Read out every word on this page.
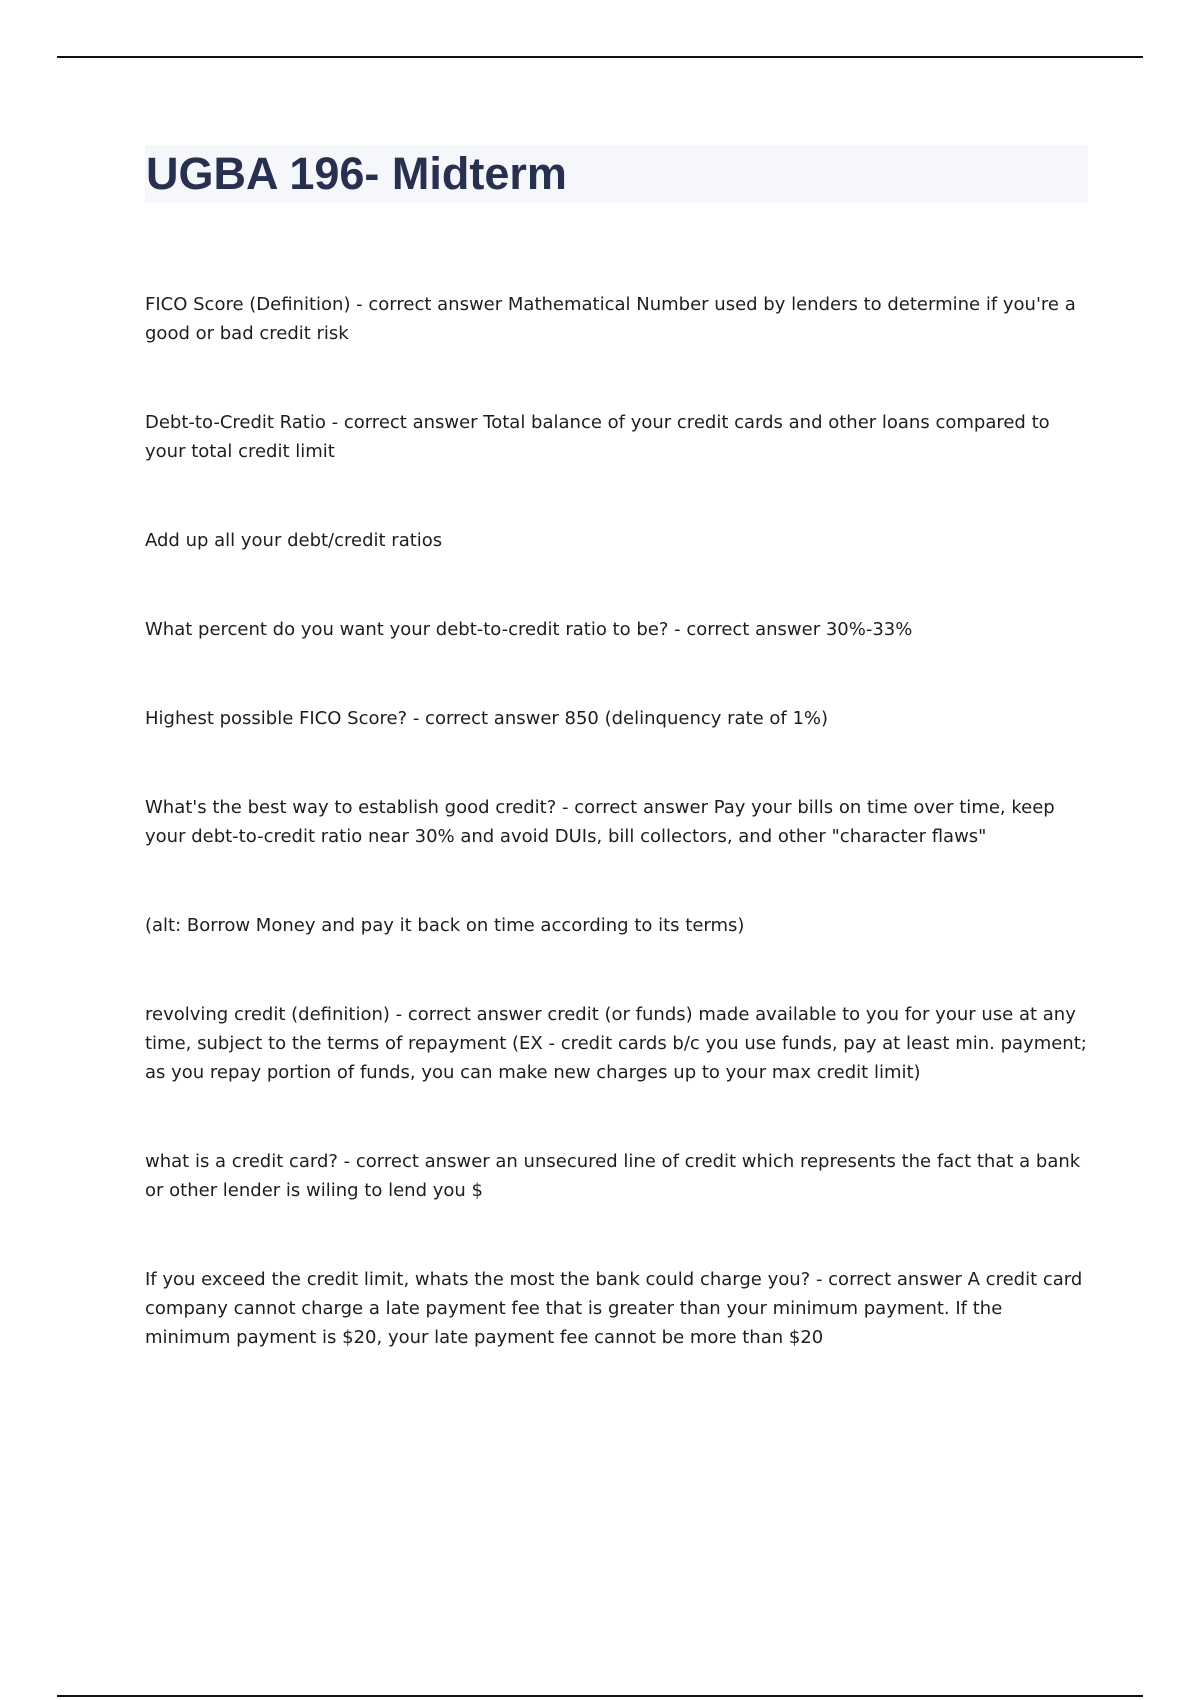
UGBA 196- Midterm

FICO Score (Definition) - correct answer Mathematical Number used by lenders to determine if you're a good or bad credit risk

Debt-to-Credit Ratio - correct answer Total balance of your credit cards and other loans compared to your total credit limit

Add up all your debt/credit ratios

What percent do you want your debt-to-credit ratio to be? - correct answer 30%-33%

Highest possible FICO Score? - correct answer 850 (delinquency rate of 1%)

What's the best way to establish good credit? - correct answer Pay your bills on time over time, keep your debt-to-credit ratio near 30% and avoid DUIs, bill collectors, and other "character flaws"

(alt: Borrow Money and pay it back on time according to its terms)

revolving credit (definition) - correct answer credit (or funds) made available to you for your use at any time, subject to the terms of repayment (EX - credit cards b/c you use funds, pay at least min. payment; as you repay portion of funds, you can make new charges up to your max credit limit)

what is a credit card? - correct answer an unsecured line of credit which represents the fact that a bank or other lender is wiling to lend you $

If you exceed the credit limit, whats the most the bank could charge you? - correct answer A credit card company cannot charge a late payment fee that is greater than your minimum payment. If the minimum payment is $20, your late payment fee cannot be more than $20
